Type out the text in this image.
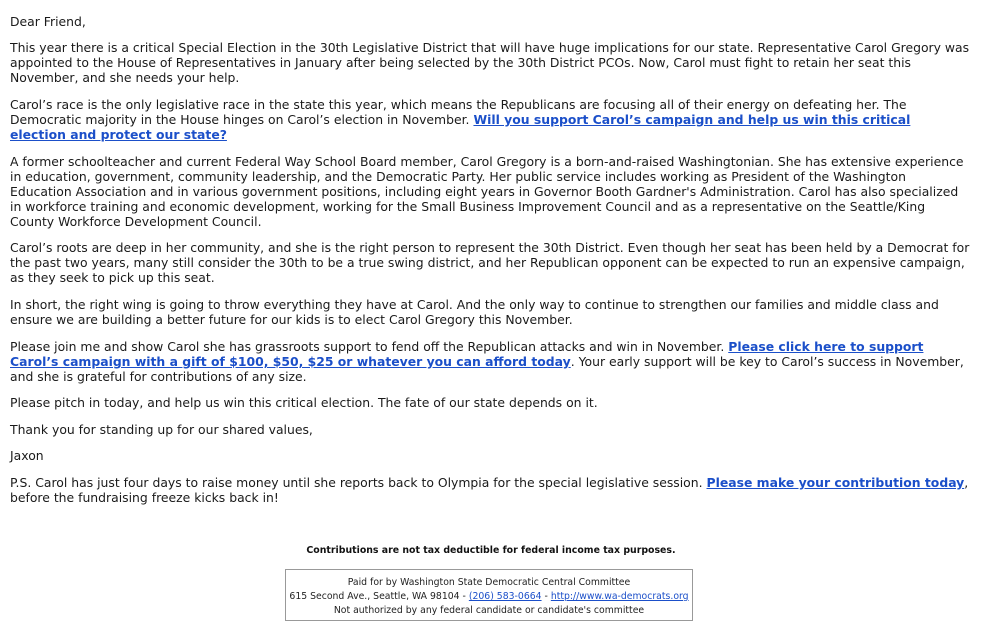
Dear Friend,

This year there is a critical Special Election in the 30th Legislative District that will have huge implications for our state. Representative Carol Gregory was appointed to the House of Representatives in January after being selected by the 30th District PCOs. Now, Carol must fight to retain her seat this November, and she needs your help.

Carol’s race is the only legislative race in the state this year, which means the Republicans are focusing all of their energy on defeating her. The Democratic majority in the House hinges on Carol’s election in November. Will you support Carol’s campaign and help us win this critical election and protect our state?

A former schoolteacher and current Federal Way School Board member, Carol Gregory is a born-and-raised Washingtonian. She has extensive experience in education, government, community leadership, and the Democratic Party. Her public service includes working as President of the Washington Education Association and in various government positions, including eight years in Governor Booth Gardner's Administration. Carol has also specialized in workforce training and economic development, working for the Small Business Improvement Council and as a representative on the Seattle/King County Workforce Development Council.

Carol’s roots are deep in her community, and she is the right person to represent the 30th District. Even though her seat has been held by a Democrat for the past two years, many still consider the 30th to be a true swing district, and her Republican opponent can be expected to run an expensive campaign, as they seek to pick up this seat.

In short, the right wing is going to throw everything they have at Carol. And the only way to continue to strengthen our families and middle class and ensure we are building a better future for our kids is to elect Carol Gregory this November.

Please join me and show Carol she has grassroots support to fend off the Republican attacks and win in November. Please click here to support Carol’s campaign with a gift of $100, $50, $25 or whatever you can afford today. Your early support will be key to Carol’s success in November, and she is grateful for contributions of any size.

Please pitch in today, and help us win this critical election. The fate of our state depends on it.

Thank you for standing up for our shared values,

Jaxon

P.S. Carol has just four days to raise money until she reports back to Olympia for the special legislative session. Please make your contribution today, before the fundraising freeze kicks back in!

Contributions are not tax deductible for federal income tax purposes.
Paid for by Washington State Democratic Central Committee
615 Second Ave., Seattle, WA 98104 - (206) 583-0664 - http://www.wa-democrats.org
Not authorized by any federal candidate or candidate's committee
